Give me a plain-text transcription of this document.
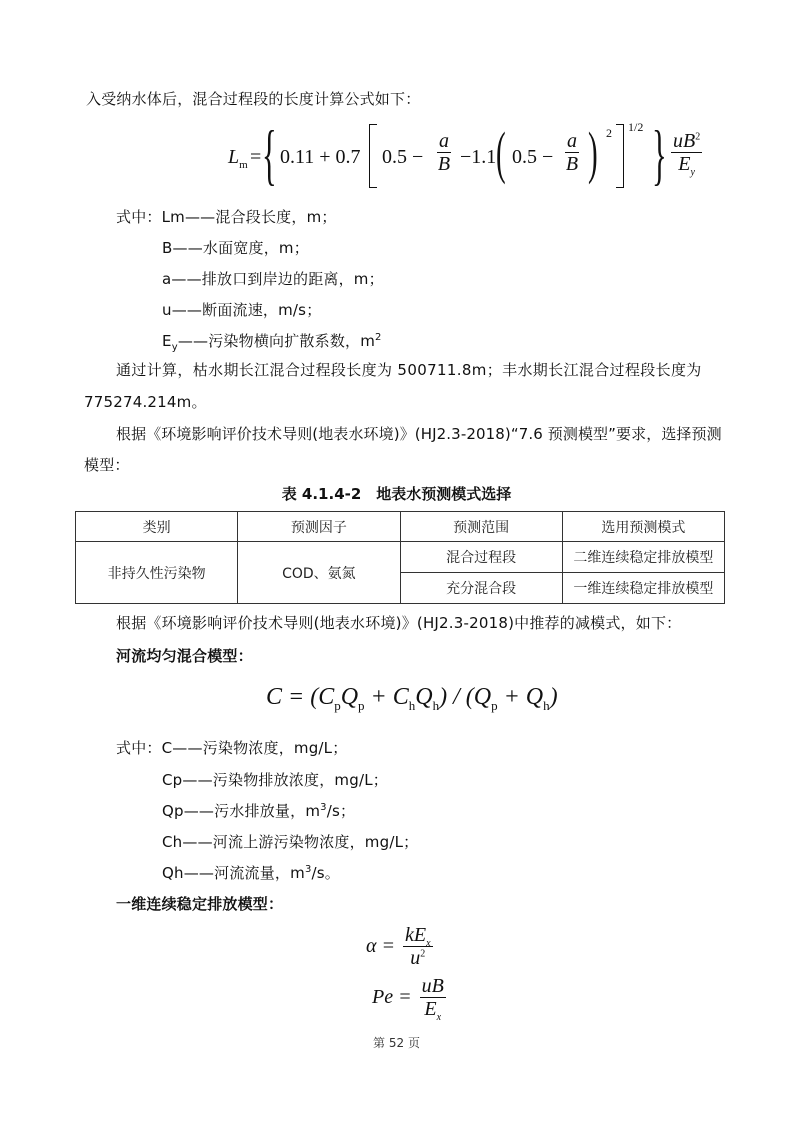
入受纳水体后，混合过程段的长度计算公式如下：
$L_m$ = { 0.11 + 0.7 $0.5 - \frac{a}{B} -1.1$ ( $0.5 - \frac{a}{B}$ ) 2 1/2 } $\frac{uB^2}{E_y}$
式中：Lm——混合段长度，m；
B——水面宽度，m；
a——排放口到岸边的距离，m；
u——断面流速，m/s；
$E_y——$污染物横向扩散系数，$m^2$
通过计算，枯水期长江混合过程段长度为 500711.8m；丰水期长江混合过程段长度为
775274.214m。
根据《环境影响评价技术导则(地表水环境)》(HJ2.3-2018)“7.6 预测模型”要求，选择预测
模型：
表 4.1.4-2　地表水预测模式选择
类别	预测因子	预测范围	选用预测模式
非持久性污染物	COD、氨氮	混合过程段	二维连续稳定排放模型
		充分混合段	一维连续稳定排放模型
根据《环境影响评价技术导则(地表水环境)》(HJ2.3-2018)中推荐的减模式，如下：
河流均匀混合模型：
$C = (C_pQ_p + C_hQ_h) / (Q_p + Q_h)$
式中：C——污染物浓度，mg/L；
Cp——污染物排放浓度，mg/L；
Qp——污水排放量，$m^3/s$；
Ch——河流上游污染物浓度，mg/L；
Qh——河流流量，$m^3/s$。
一维连续稳定排放模型：
$\alpha = \frac{kE_x}{u^2}$
$Pe = \frac{uB}{E_x}$
第 52 页
